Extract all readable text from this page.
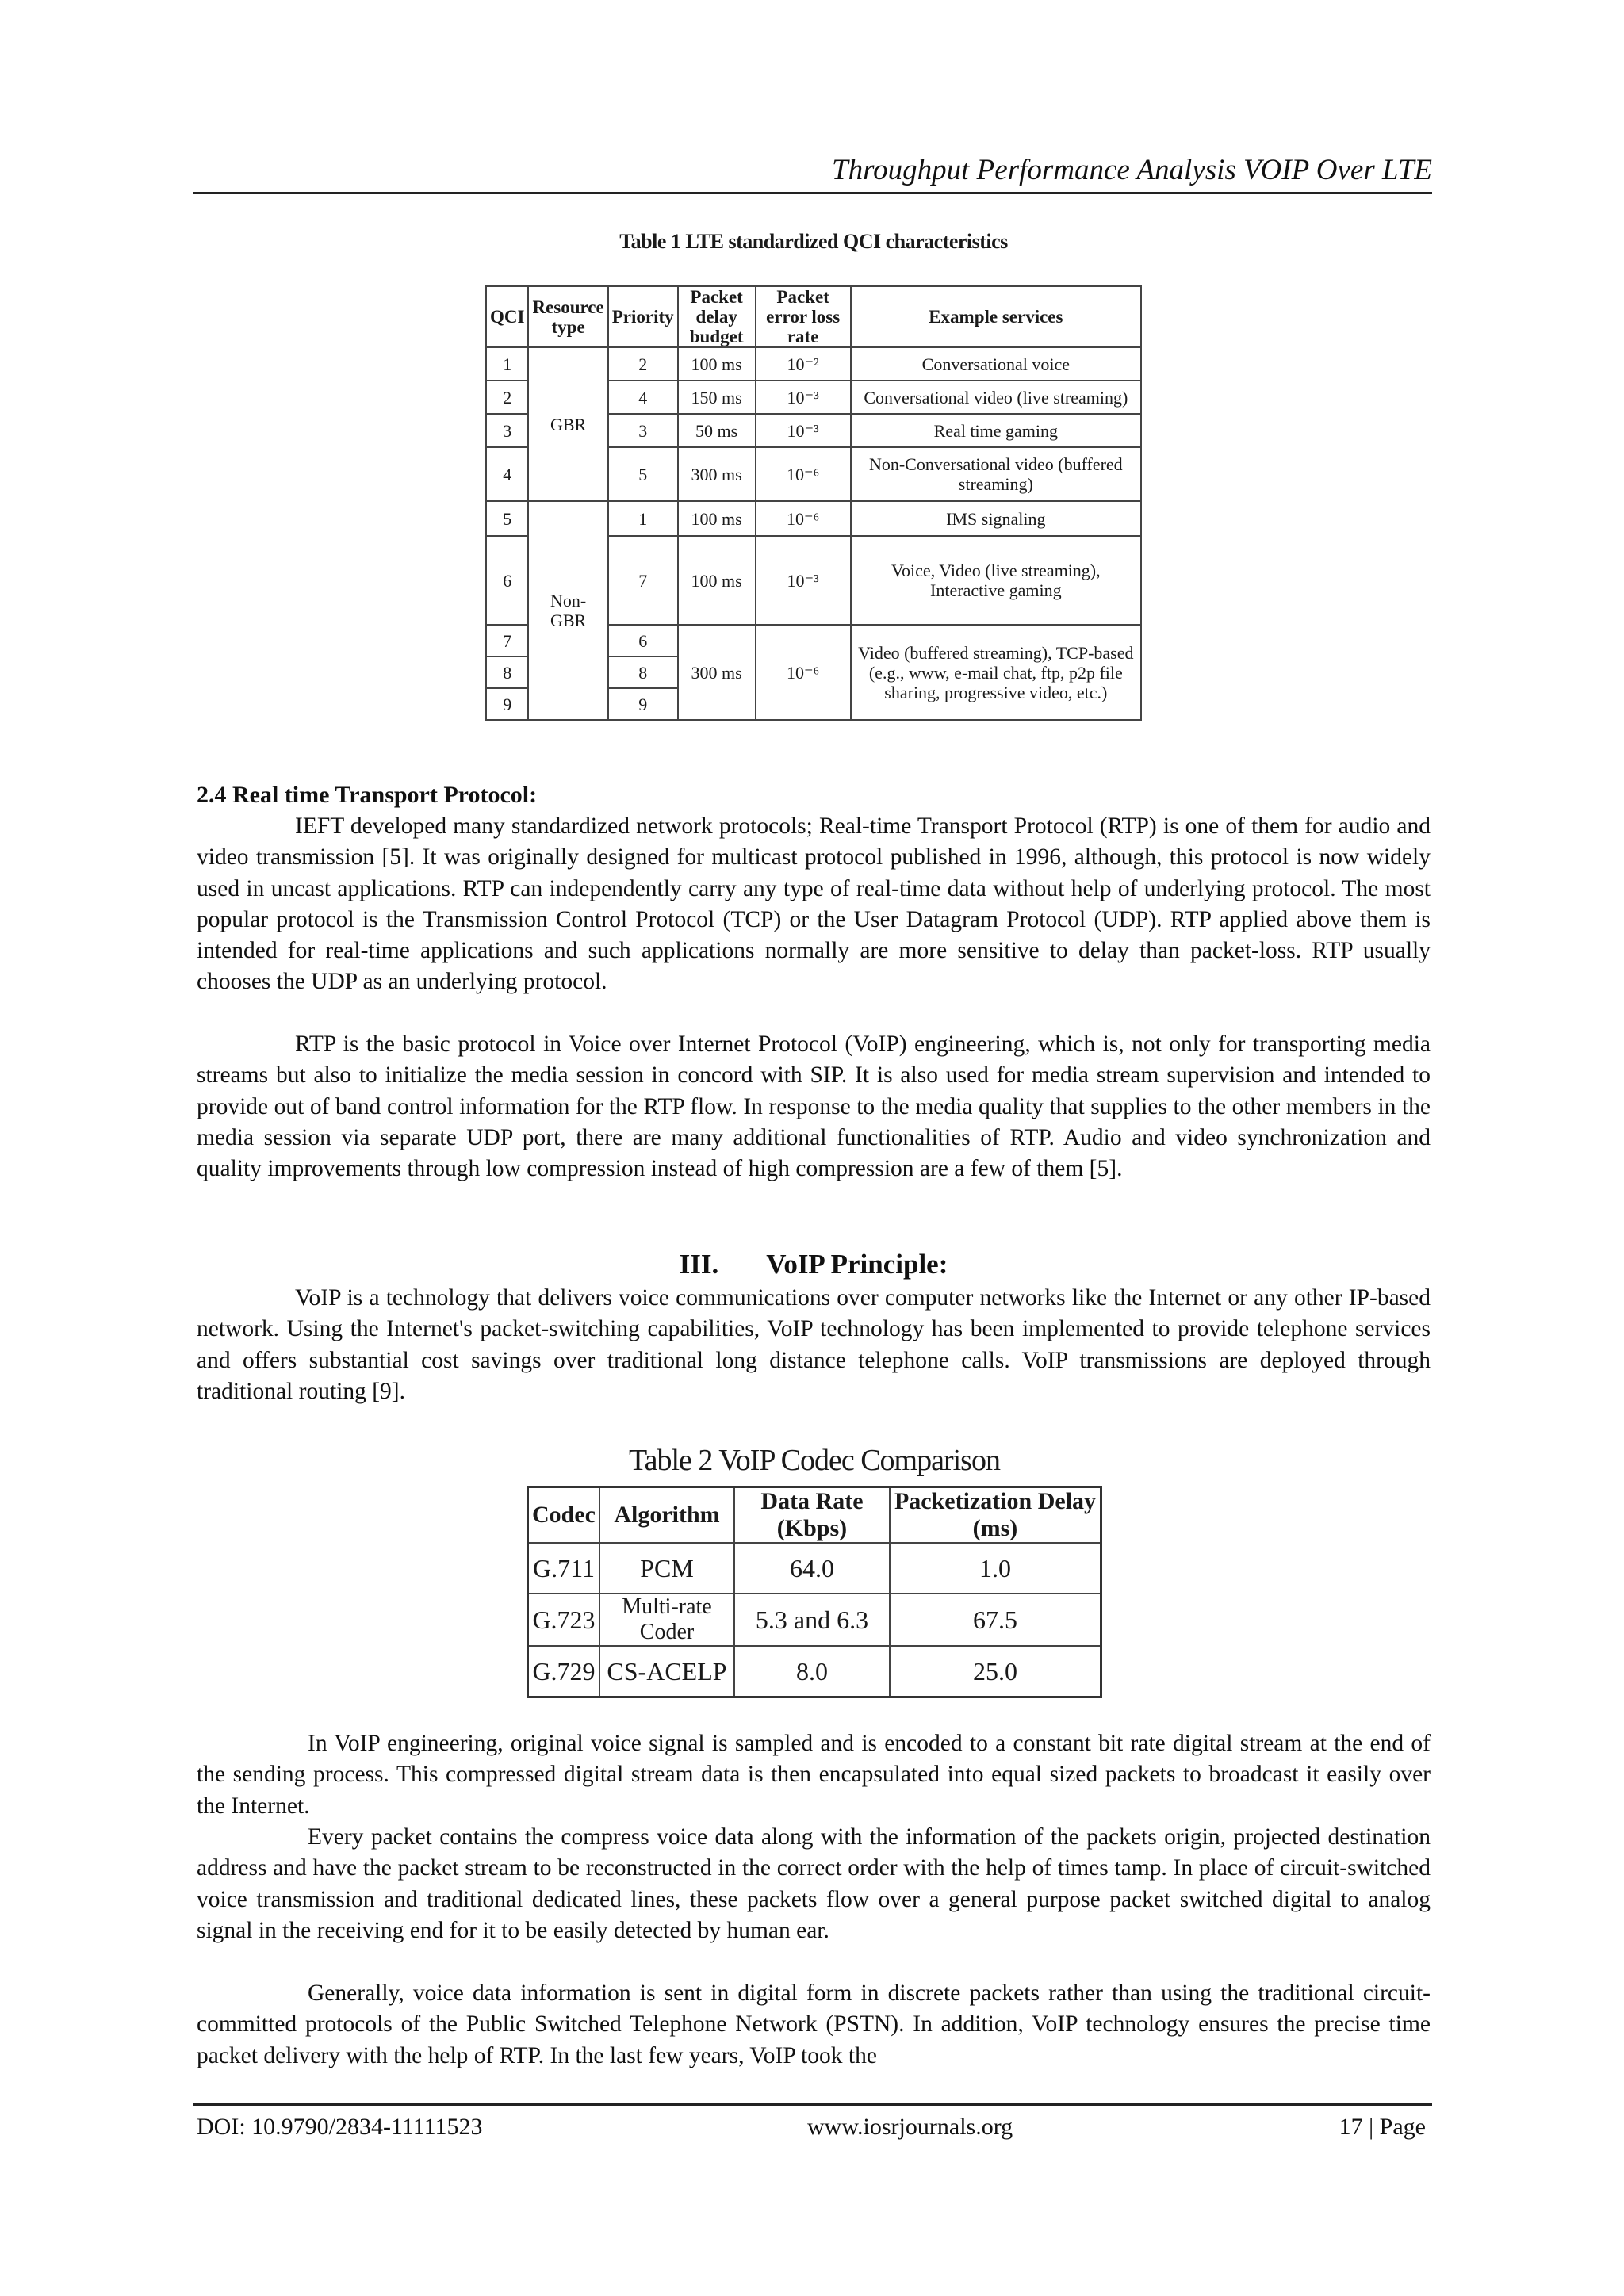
Throughput Performance Analysis VOIP Over LTE
Table 1 LTE standardized QCI characteristics
QCI	Resource type	Priority	Packet delay budget	Packet error loss rate	Example services
1	GBR	2	100 ms	10⁻²	Conversational voice
2		4	150 ms	10⁻³	Conversational video (live streaming)
3		3	50 ms	10⁻³	Real time gaming
4		5	300 ms	10⁻⁶	Non-Conversational video (buffered streaming)
5	Non-GBR	1	100 ms	10⁻⁶	IMS signaling
6		7	100 ms	10⁻³	Voice, Video (live streaming), Interactive gaming
7		6	300 ms	10⁻⁶	Video (buffered streaming), TCP-based (e.g., www, e-mail chat, ftp, p2p file sharing, progressive video, etc.)
8		8			
9		9			
2.4 Real time Transport Protocol:

IEFT developed many standardized network protocols; Real-time Transport Protocol (RTP) is one of them for audio and video transmission [5]. It was originally designed for multicast protocol published in 1996, although, this protocol is now widely used in uncast applications. RTP can independently carry any type of real-time data without help of underlying protocol. The most popular protocol is the Transmission Control Protocol (TCP) or the User Datagram Protocol (UDP). RTP applied above them is intended for real-time applications and such applications normally are more sensitive to delay than packet-loss. RTP usually chooses the UDP as an underlying protocol.

RTP is the basic protocol in Voice over Internet Protocol (VoIP) engineering, which is, not only for transporting media streams but also to initialize the media session in concord with SIP. It is also used for media stream supervision and intended to provide out of band control information for the RTP flow. In response to the media quality that supplies to the other members in the media session via separate UDP port, there are many additional functionalities of RTP. Audio and video synchronization and quality improvements through low compression instead of high compression are a few of them [5].

III. VoIP Principle:

VoIP is a technology that delivers voice communications over computer networks like the Internet or any other IP-based network. Using the Internet's packet-switching capabilities, VoIP technology has been implemented to provide telephone services and offers substantial cost savings over traditional long distance telephone calls. VoIP transmissions are deployed through traditional routing [9].

Table 2 VoIP Codec Comparison
Codec	Algorithm	Data Rate (Kbps)	Packetization Delay (ms)
G.711	PCM	64.0	1.0
G.723	Multi-rate Coder	5.3 and 6.3	67.5
G.729	CS-ACELP	8.0	25.0

In VoIP engineering, original voice signal is sampled and is encoded to a constant bit rate digital stream at the end of the sending process. This compressed digital stream data is then encapsulated into equal sized packets to broadcast it easily over the Internet.

Every packet contains the compress voice data along with the information of the packets origin, projected destination address and have the packet stream to be reconstructed in the correct order with the help of times tamp. In place of circuit-switched voice transmission and traditional dedicated lines, these packets flow over a general purpose packet switched digital to analog signal in the receiving end for it to be easily detected by human ear.

Generally, voice data information is sent in digital form in discrete packets rather than using the traditional circuit-committed protocols of the Public Switched Telephone Network (PSTN). In addition, VoIP technology ensures the precise time packet delivery with the help of RTP. In the last few years, VoIP took the

DOI: 10.9790/2834-11111523	www.iosrjournals.org	17 | Page
